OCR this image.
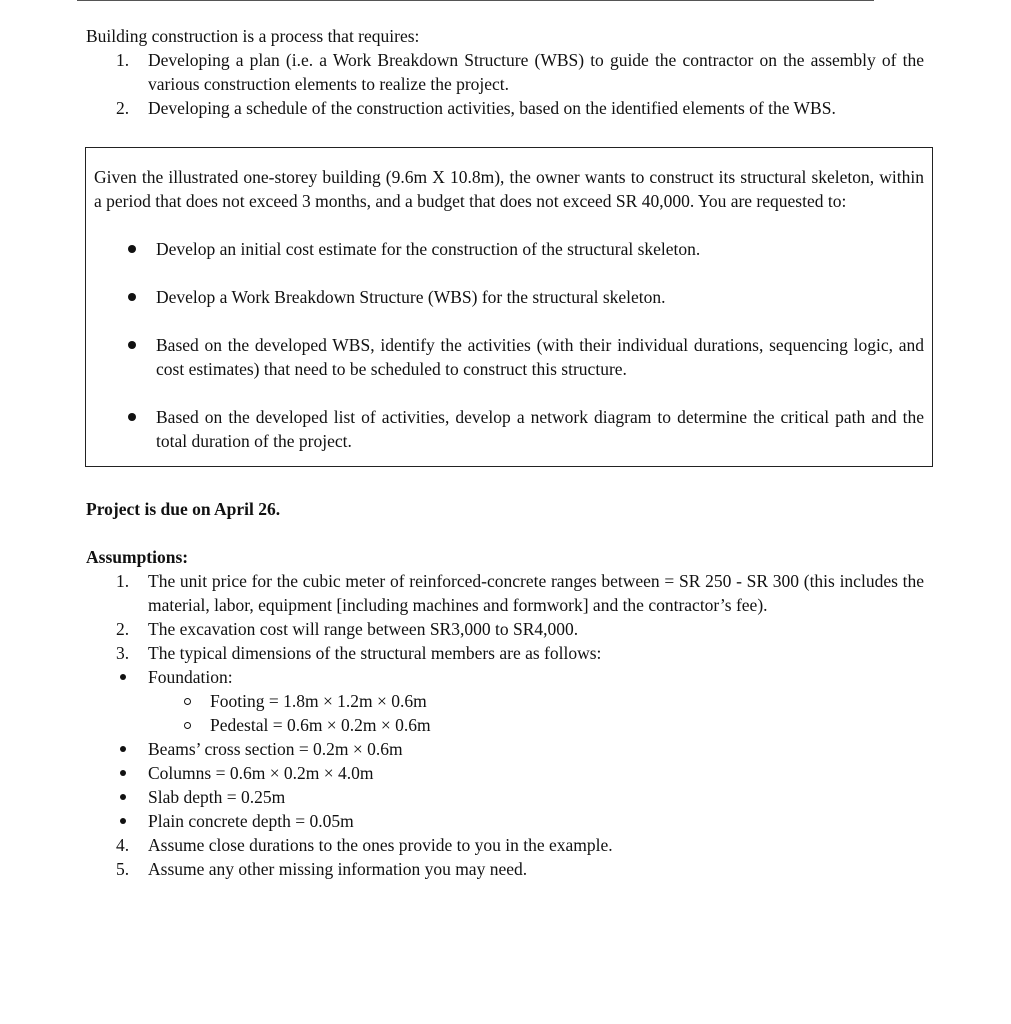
Building construction is a process that requires:

1. Developing a plan (i.e. a Work Breakdown Structure (WBS) to guide the contractor on the assembly of the various construction elements to realize the project.
2. Developing a schedule of the construction activities, based on the identified elements of the WBS.

Given the illustrated one-storey building (9.6m X 10.8m), the owner wants to construct its structural skeleton, within a period that does not exceed 3 months, and a budget that does not exceed SR 40,000. You are requested to:

Develop an initial cost estimate for the construction of the structural skeleton.
Develop a Work Breakdown Structure (WBS) for the structural skeleton.
Based on the developed WBS, identify the activities (with their individual durations, sequencing logic, and cost estimates) that need to be scheduled to construct this structure.
Based on the developed list of activities, develop a network diagram to determine the critical path and the total duration of the project.

Project is due on April 26.

Assumptions:

1. The unit price for the cubic meter of reinforced-concrete ranges between = SR 250 - SR 300 (this includes the material, labor, equipment [including machines and formwork] and the contractor’s fee).
2. The excavation cost will range between SR3,000 to SR4,000.
3. The typical dimensions of the structural members are as follows:
Foundation:
Footing = 1.8m × 1.2m × 0.6m
Pedestal = 0.6m × 0.2m × 0.6m
Beams’ cross section = 0.2m × 0.6m
Columns = 0.6m × 0.2m × 4.0m
Slab depth = 0.25m
Plain concrete depth = 0.05m
4. Assume close durations to the ones provide to you in the example.
5. Assume any other missing information you may need.
